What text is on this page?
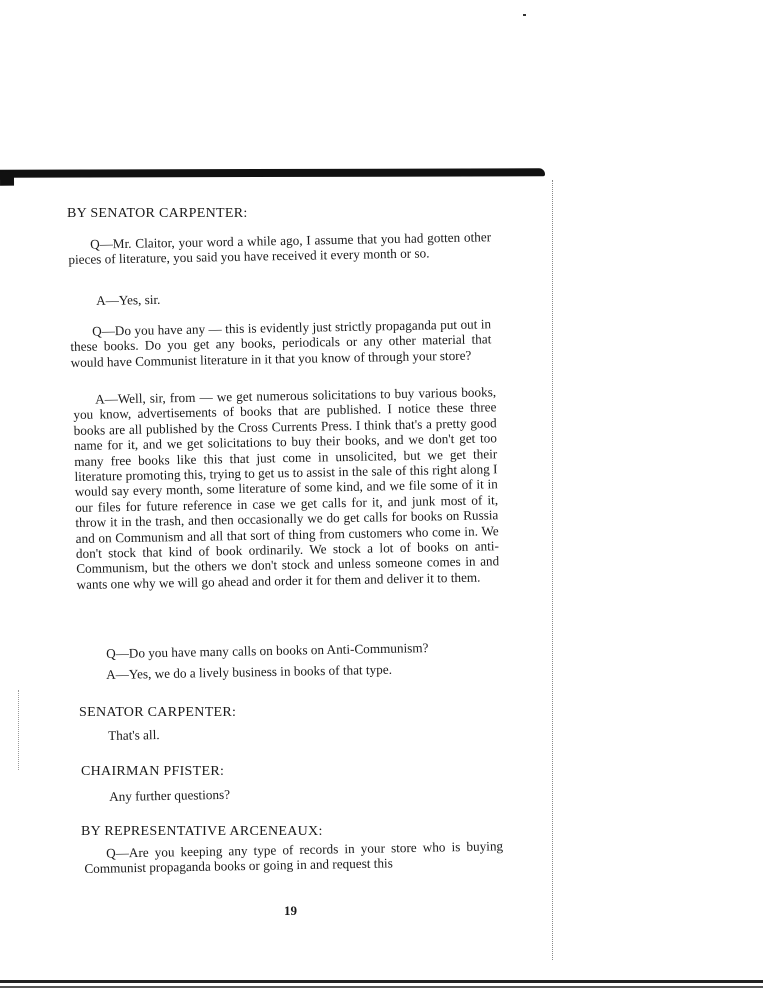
BY SENATOR CARPENTER:
Q—Mr. Claitor, your word a while ago, I assume that you had gotten other pieces of literature, you said you have received it every month or so.
A—Yes, sir.
Q—Do you have any — this is evidently just strictly propaganda put out in these books. Do you get any books, periodicals or any other material that would have Communist literature in it that you know of through your store?
A—Well, sir, from — we get numerous solicitations to buy various books, you know, advertisements of books that are published. I notice these three books are all published by the Cross Currents Press. I think that's a pretty good name for it, and we get solicitations to buy their books, and we don't get too many free books like this that just come in unsolicited, but we get their literature promoting this, trying to get us to assist in the sale of this right along I would say every month, some literature of some kind, and we file some of it in our files for future reference in case we get calls for it, and junk most of it, throw it in the trash, and then occasionally we do get calls for books on Russia and on Communism and all that sort of thing from customers who come in. We don't stock that kind of book ordinarily. We stock a lot of books on anti-Communism, but the others we don't stock and unless someone comes in and wants one why we will go ahead and order it for them and deliver it to them.
Q—Do you have many calls on books on Anti-Communism?
A—Yes, we do a lively business in books of that type.
SENATOR CARPENTER:
That's all.
CHAIRMAN PFISTER:
Any further questions?
BY REPRESENTATIVE ARCENEAUX:
Q—Are you keeping any type of records in your store who is buying Communist propaganda books or going in and request this
19
